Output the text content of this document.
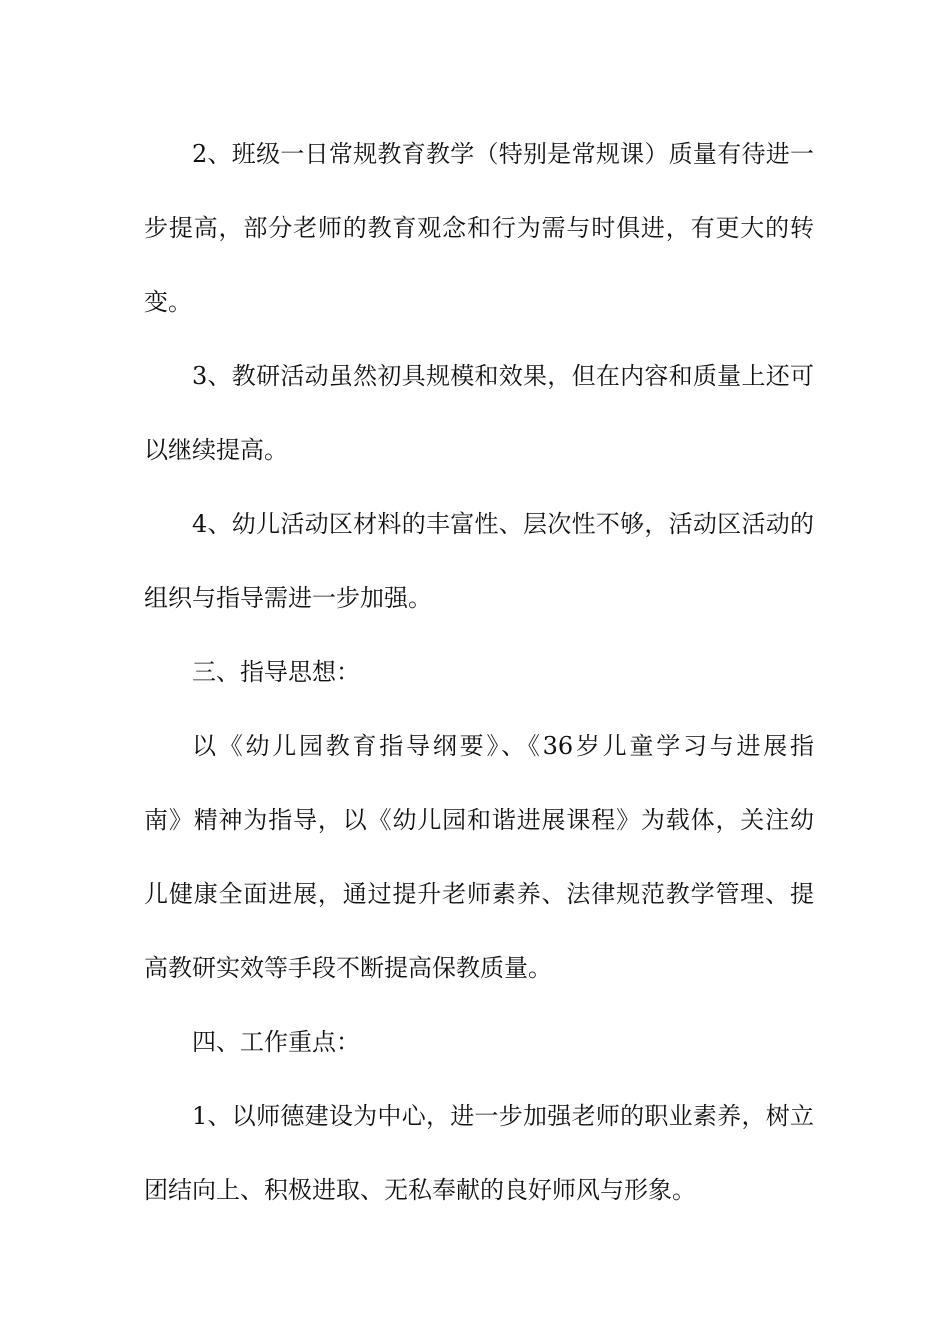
2、班级一日常规教育教学（特别是常规课）质量有待进一
步提高，部分老师的教育观念和行为需与时俱进，有更大的转
变。
3、教研活动虽然初具规模和效果，但在内容和质量上还可
以继续提高。
4、幼儿活动区材料的丰富性、层次性不够，活动区活动的
组织与指导需进一步加强。
三、指导思想：
以《幼儿园教育指导纲要》、《36岁儿童学习与进展指
南》精神为指导，以《幼儿园和谐进展课程》为载体，关注幼
儿健康全面进展，通过提升老师素养、法律规范教学管理、提
高教研实效等手段不断提高保教质量。
四、工作重点：
1、以师德建设为中心，进一步加强老师的职业素养，树立
团结向上、积极进取、无私奉献的良好师风与形象。
